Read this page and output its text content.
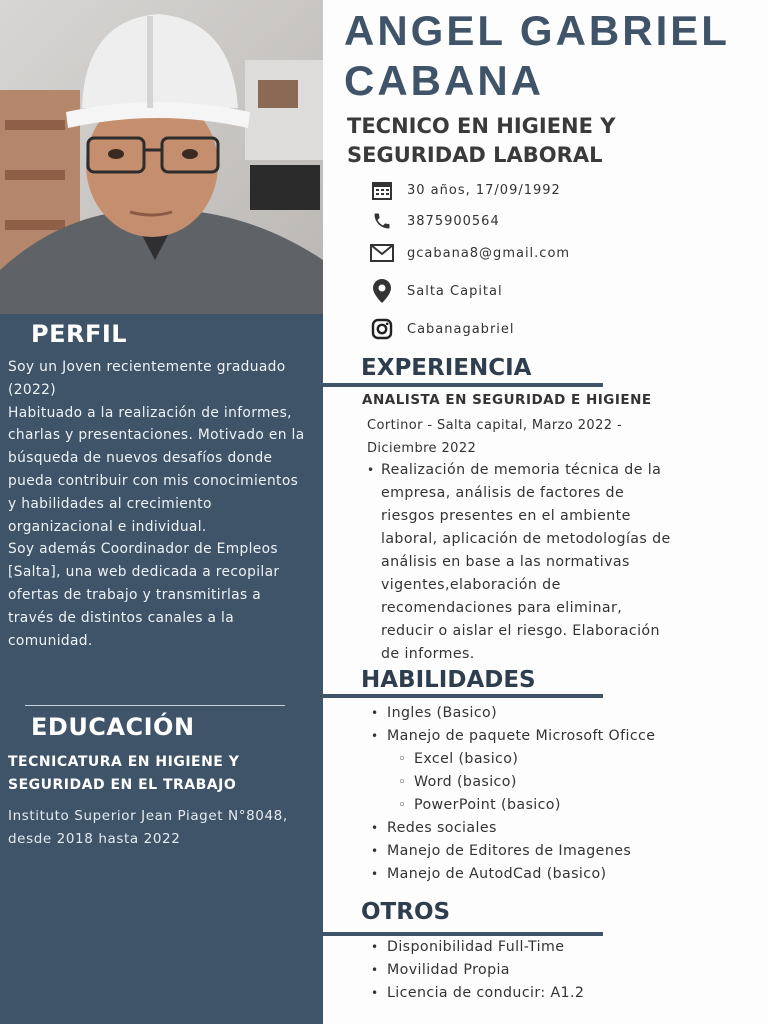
ANGEL GABRIEL CABANA
TECNICO EN HIGIENE Y SEGURIDAD LABORAL
30 años, 17/09/1992
3875900564
gcabana8@gmail.com
Salta Capital
Cabanagabriel
EXPERIENCIA

ANALISTA EN SEGURIDAD E HIGIENE

Cortinor - Salta capital, Marzo 2022 - Diciembre 2022

• Realización de memoria técnica de la empresa, análisis de factores de riesgos presentes en el ambiente laboral, aplicación de metodologías de análisis en base a las normativas vigentes,elaboración de recomendaciones para eliminar, reducir o aislar el riesgo. Elaboración de informes.
HABILIDADES
• Ingles (Basico)
• Manejo de paquete Microsoft Oficce
◦ Excel (basico)
◦ Word (basico)
◦ PowerPoint (basico)
• Redes sociales
• Manejo de Editores de Imagenes
• Manejo de AutodCad (basico)
OTROS
• Disponibilidad Full-Time
• Movilidad Propia
• Licencia de conducir: A1.2
PERFIL

Soy un Joven recientemente graduado (2022)
Habituado a la realización de informes, charlas y presentaciones. Motivado en la búsqueda de nuevos desafíos donde pueda contribuir con mis conocimientos y habilidades al crecimiento organizacional e individual.
Soy además Coordinador de Empleos [Salta], una web dedicada a recopilar ofertas de trabajo y transmitirlas a través de distintos canales a la comunidad.

EDUCACIÓN

TECNICATURA EN HIGIENE Y SEGURIDAD EN EL TRABAJO

Instituto Superior Jean Piaget N°8048, desde 2018 hasta 2022
